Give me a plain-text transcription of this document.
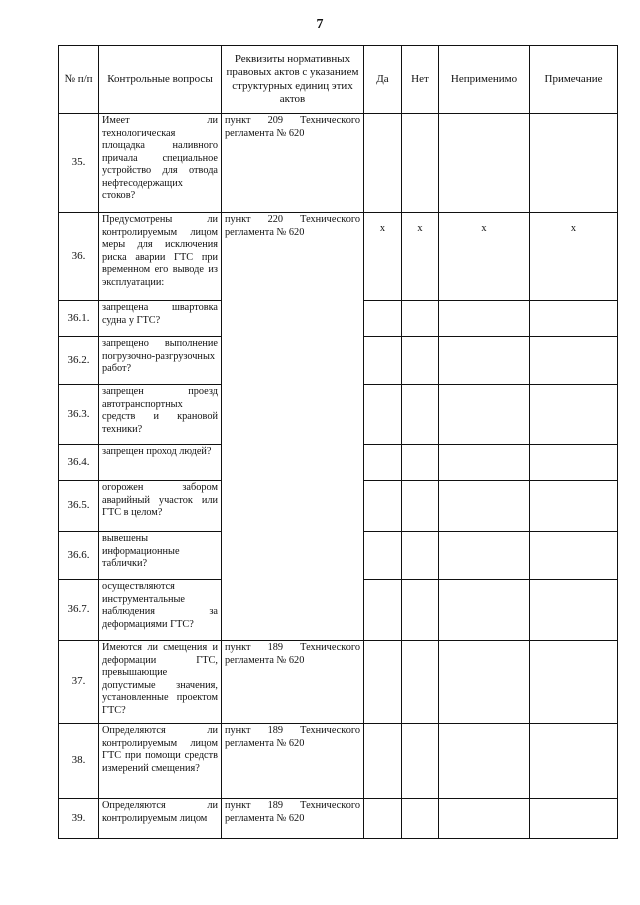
7
№ п/п	Контрольные вопросы	Реквизиты нормативных правовых актов с указанием структурных единиц этих актов	Да	Нет	Неприменимо	Примечание
35.	Имеет ли технологическая площадка наливного причала специальное устройство для отвода нефтесодержащих стоков?	пункт 209 Технического регламента № 620				
36.	Предусмотрены ли контролируемым лицом меры для исключения риска аварии ГТС при временном его выводе из эксплуатации:	пункт 220 Технического регламента № 620	х	х	х	х
36.1.	запрещена швартовка судна у ГТС?					
36.2.	запрещено выполнение погрузочно-разгрузочных работ?					
36.3.	запрещен проезд автотранспортных средств и крановой техники?					
36.4.	запрещен проход людей?					
36.5.	огорожен забором аварийный участок или ГТС в целом?					
36.6.	вывешены информационные таблички?					
36.7.	осуществляются инструментальные наблюдения за деформациями ГТС?					
37.	Имеются ли смещения и деформации ГТС, превышающие допустимые значения, установленные проектом ГТС?	пункт 189 Технического регламента № 620				
38.	Определяются ли контролируемым лицом ГТС при помощи средств измерений смещения?	пункт 189 Технического регламента № 620				
39.	Определяются ли контролируемым лицом	пункт 189 Технического регламента № 620				
